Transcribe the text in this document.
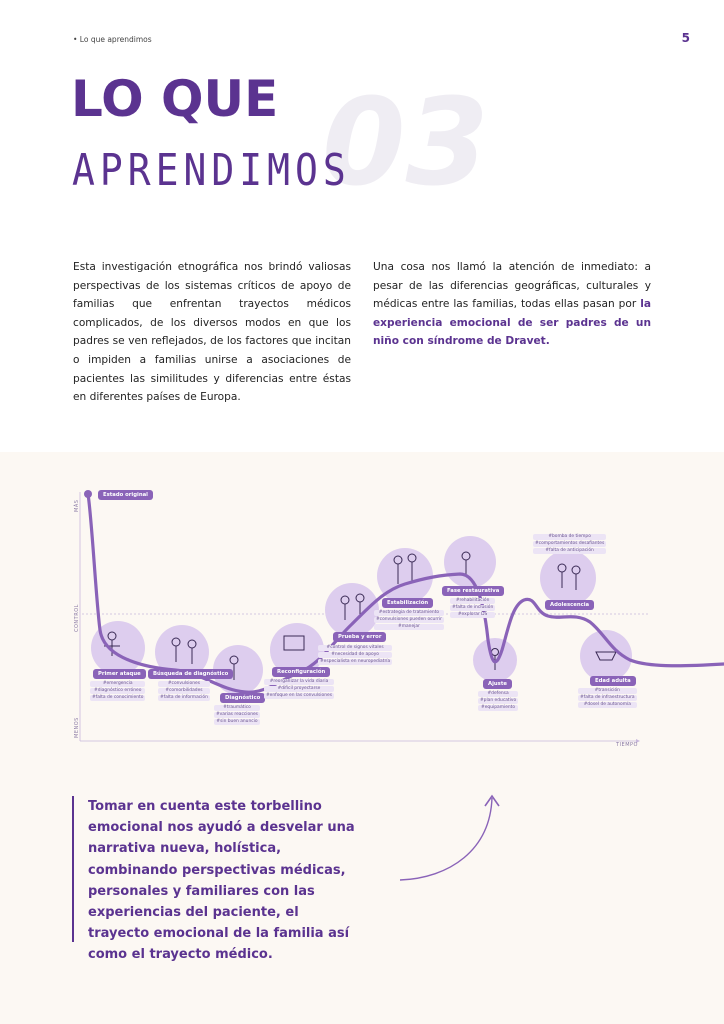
• Lo que aprendimos	5
03
LO QUE
APRENDIMOS

Esta investigación etnográfica nos brindó valiosas perspectivas de los sistemas críticos de apoyo de familias que enfrentan trayectos médicos complicados, de los diversos modos en que los padres se ven reflejados, de los factores que incitan o impiden a familias unirse a asociaciones de pacientes las similitudes y diferencias entre éstas en diferentes países de Europa.

Una cosa nos llamó la atención de inmediato: a pesar de las diferencias geográficas, culturales y médicas entre las familias, todas ellas pasan por la experiencia emocional de ser padres de un niño con síndrome de Dravet.

MÁS
CONTROL
MENOS
TIEMPO
Estado original
Primer ataque
#emergencia
#diagnóstico erróneo
#falta de conocimiento
Búsqueda de diagnóstico
#convulsiones
#comorbilidades
#falta de información	Diagnóstico
#traumático
#varias reacciones
#sin buen anuncio
Reconfiguración
#reorganizar la vida diaria
#difícil proyectarse
#enfoque en las convulsiones
Prueba y error
#control de signos vitales
#necesidad de apoyo
#especialista en neuropediatría
Estabilización
#estrategia de tratamiento
#convulsiones pueden ocurrir
#manejar
Fase restaurativa
#rehabilitación
#falta de inclusión
#explorar DS
Ajuste
#defensa
#plan educativo
#equipamiento
Adolescencia
#bomba de tiempo
#comportamientos desafiantes
#falta de anticipación
Edad adulta
#transición
#falta de infraestructura
#dosel de autonomía

Tomar en cuenta este torbellino emocional nos ayudó a desvelar una narrativa nueva, holística, combinando perspectivas médicas, personales y familiares con las experiencias del paciente, el trayecto emocional de la familia así como el trayecto médico.
